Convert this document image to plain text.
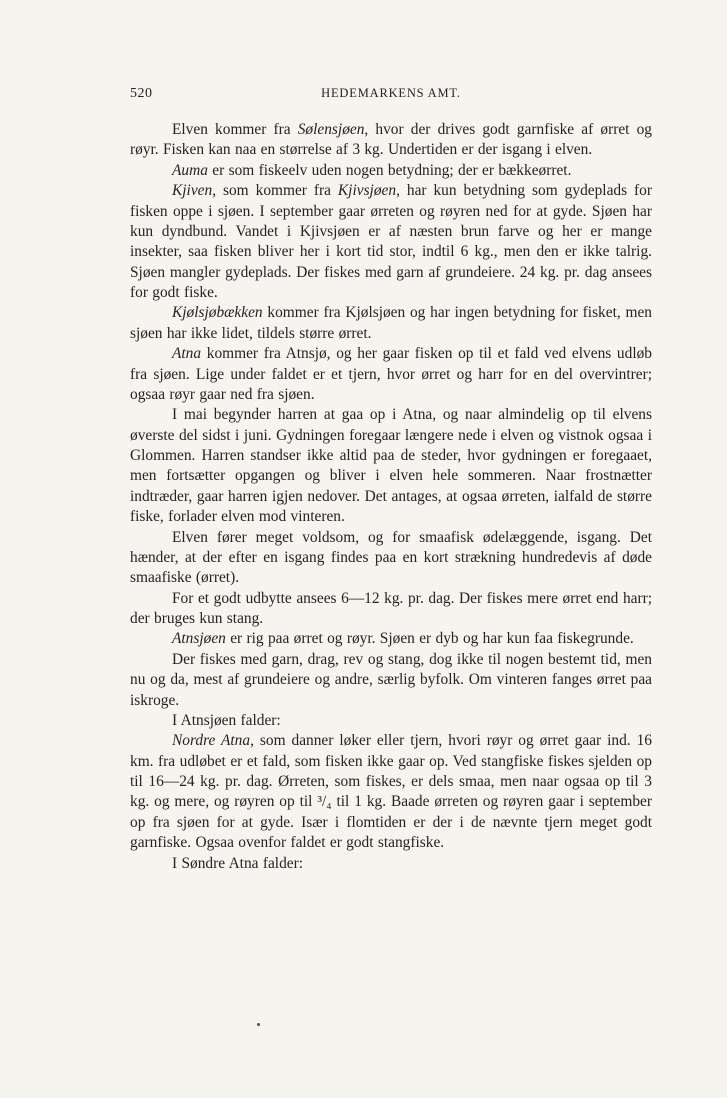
520	HEDEMARKENS AMT.

Elven kommer fra Sølensjøen, hvor der drives godt garnfiske af ørret og røyr. Fisken kan naa en størrelse af 3 kg. Undertiden er der isgang i elven.

Auma er som fiskeelv uden nogen betydning; der er bækkeørret.

Kjiven, som kommer fra Kjivsjøen, har kun betydning som gydeplads for fisken oppe i sjøen. I september gaar ørreten og røyren ned for at gyde. Sjøen har kun dyndbund. Vandet i Kjivsjøen er af næsten brun farve og her er mange insekter, saa fisken bliver her i kort tid stor, indtil 6 kg., men den er ikke talrig. Sjøen mangler gydeplads. Der fiskes med garn af grundeiere. 24 kg. pr. dag ansees for godt fiske.

Kjølsjøbækken kommer fra Kjølsjøen og har ingen betydning for fisket, men sjøen har ikke lidet, tildels større ørret.

Atna kommer fra Atnsjø, og her gaar fisken op til et fald ved elvens udløb fra sjøen. Lige under faldet er et tjern, hvor ørret og harr for en del overvintrer; ogsaa røyr gaar ned fra sjøen.

I mai begynder harren at gaa op i Atna, og naar almindelig op til elvens øverste del sidst i juni. Gydningen foregaar længere nede i elven og vistnok ogsaa i Glommen. Harren standser ikke altid paa de steder, hvor gydningen er foregaaet, men fortsætter opgangen og bliver i elven hele sommeren. Naar frostnætter indtræder, gaar harren igjen nedover. Det antages, at ogsaa ørreten, ialfald de større fiske, forlader elven mod vinteren.

Elven fører meget voldsom, og for smaafisk ødelæggende, isgang. Det hænder, at der efter en isgang findes paa en kort strækning hundredevis af døde smaafiske (ørret).

For et godt udbytte ansees 6—12 kg. pr. dag. Der fiskes mere ørret end harr; der bruges kun stang.

Atnsjøen er rig paa ørret og røyr. Sjøen er dyb og har kun faa fiskegrunde.

Der fiskes med garn, drag, rev og stang, dog ikke til nogen bestemt tid, men nu og da, mest af grundeiere og andre, særlig byfolk. Om vinteren fanges ørret paa iskroge.

I Atnsjøen falder:

Nordre Atna, som danner løker eller tjern, hvori røyr og ørret gaar ind. 16 km. fra udløbet er et fald, som fisken ikke gaar op. Ved stangfiske fiskes sjelden op til 16—24 kg. pr. dag. Ørreten, som fiskes, er dels smaa, men naar ogsaa op til 3 kg. og mere, og røyren op til ³/₄ til 1 kg. Baade ørreten og røyren gaar i september op fra sjøen for at gyde. Især i flomtiden er der i de nævnte tjern meget godt garnfiske. Ogsaa ovenfor faldet er godt stangfiske.

I Søndre Atna falder:
